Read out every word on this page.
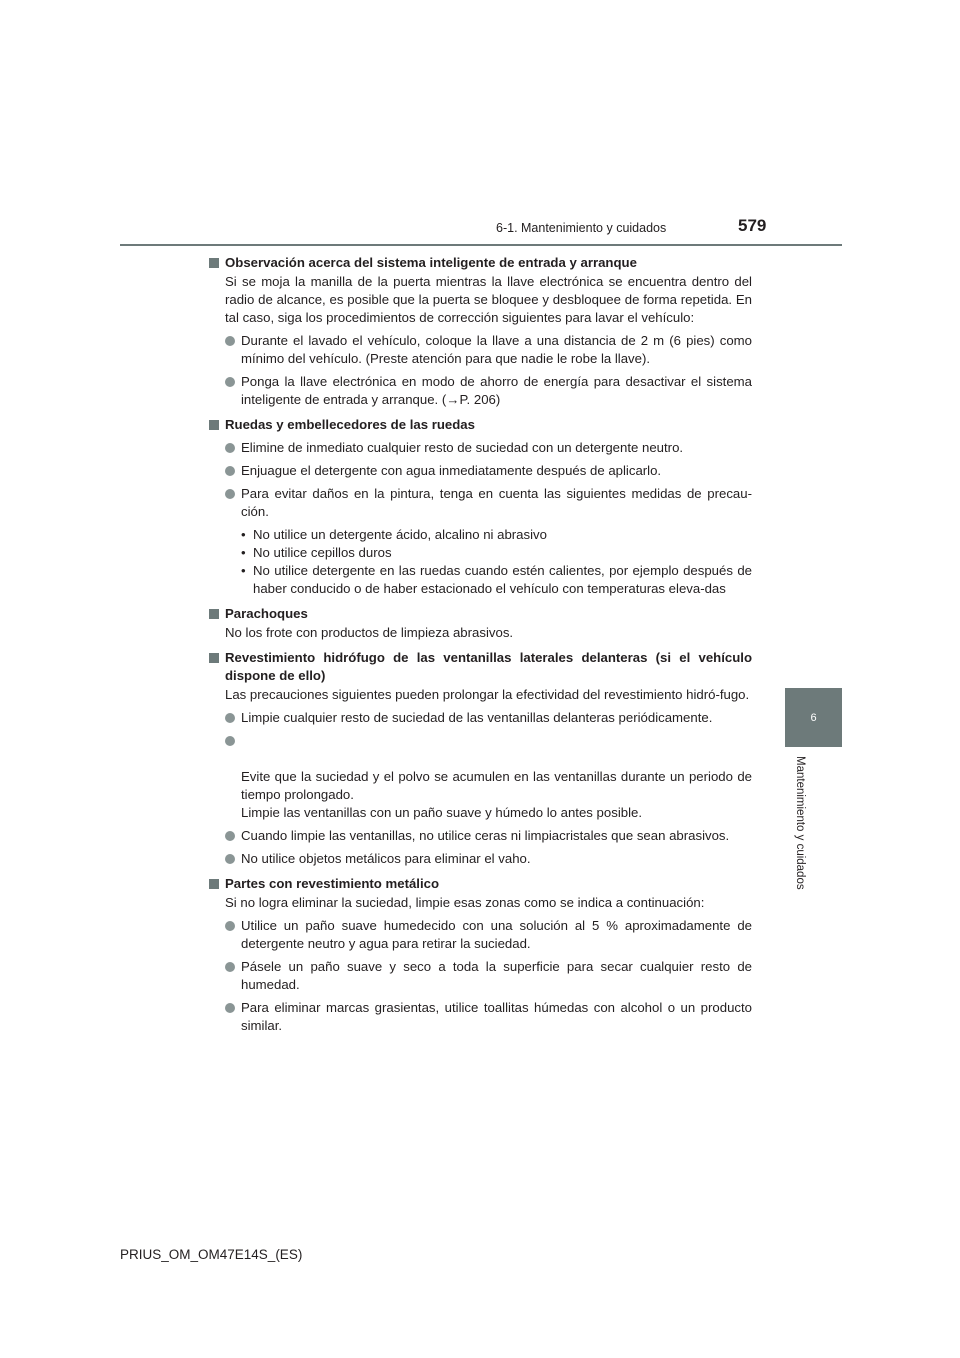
6-1. Mantenimiento y cuidados	579
6
Mantenimiento y cuidados
Observación acerca del sistema inteligente de entrada y arranque
Si se moja la manilla de la puerta mientras la llave electrónica se encuentra dentro del radio de alcance, es posible que la puerta se bloquee y desbloquee de forma repetida. En tal caso, siga los procedimientos de corrección siguientes para lavar el vehículo:
Durante el lavado el vehículo, coloque la llave a una distancia de 2 m (6 pies) como mínimo del vehículo. (Preste atención para que nadie le robe la llave).
Ponga la llave electrónica en modo de ahorro de energía para desactivar el sistema inteligente de entrada y arranque. (→P. 206)
Ruedas y embellecedores de las ruedas
Elimine de inmediato cualquier resto de suciedad con un detergente neutro.
Enjuague el detergente con agua inmediatamente después de aplicarlo.
Para evitar daños en la pintura, tenga en cuenta las siguientes medidas de precau-ción.
• No utilice un detergente ácido, alcalino ni abrasivo
• No utilice cepillos duros
• No utilice detergente en las ruedas cuando estén calientes, por ejemplo después de haber conducido o de haber estacionado el vehículo con temperaturas eleva-das
Parachoques
No los frote con productos de limpieza abrasivos.
Revestimiento hidrófugo de las ventanillas laterales delanteras (si el vehículo dispone de ello)
Las precauciones siguientes pueden prolongar la efectividad del revestimiento hidró-fugo.
Limpie cualquier resto de suciedad de las ventanillas delanteras periódicamente.

Evite que la suciedad y el polvo se acumulen en las ventanillas durante un periodo de tiempo prolongado.
Limpie las ventanillas con un paño suave y húmedo lo antes posible.

Cuando limpie las ventanillas, no utilice ceras ni limpiacristales que sean abrasivos.
No utilice objetos metálicos para eliminar el vaho.
Partes con revestimiento metálico
Si no logra eliminar la suciedad, limpie esas zonas como se indica a continuación:
Utilice un paño suave humedecido con una solución al 5 % aproximadamente de detergente neutro y agua para retirar la suciedad.
Pásele un paño suave y seco a toda la superficie para secar cualquier resto de humedad.
Para eliminar marcas grasientas, utilice toallitas húmedas con alcohol o un producto similar.
PRIUS_OM_OM47E14S_(ES)
